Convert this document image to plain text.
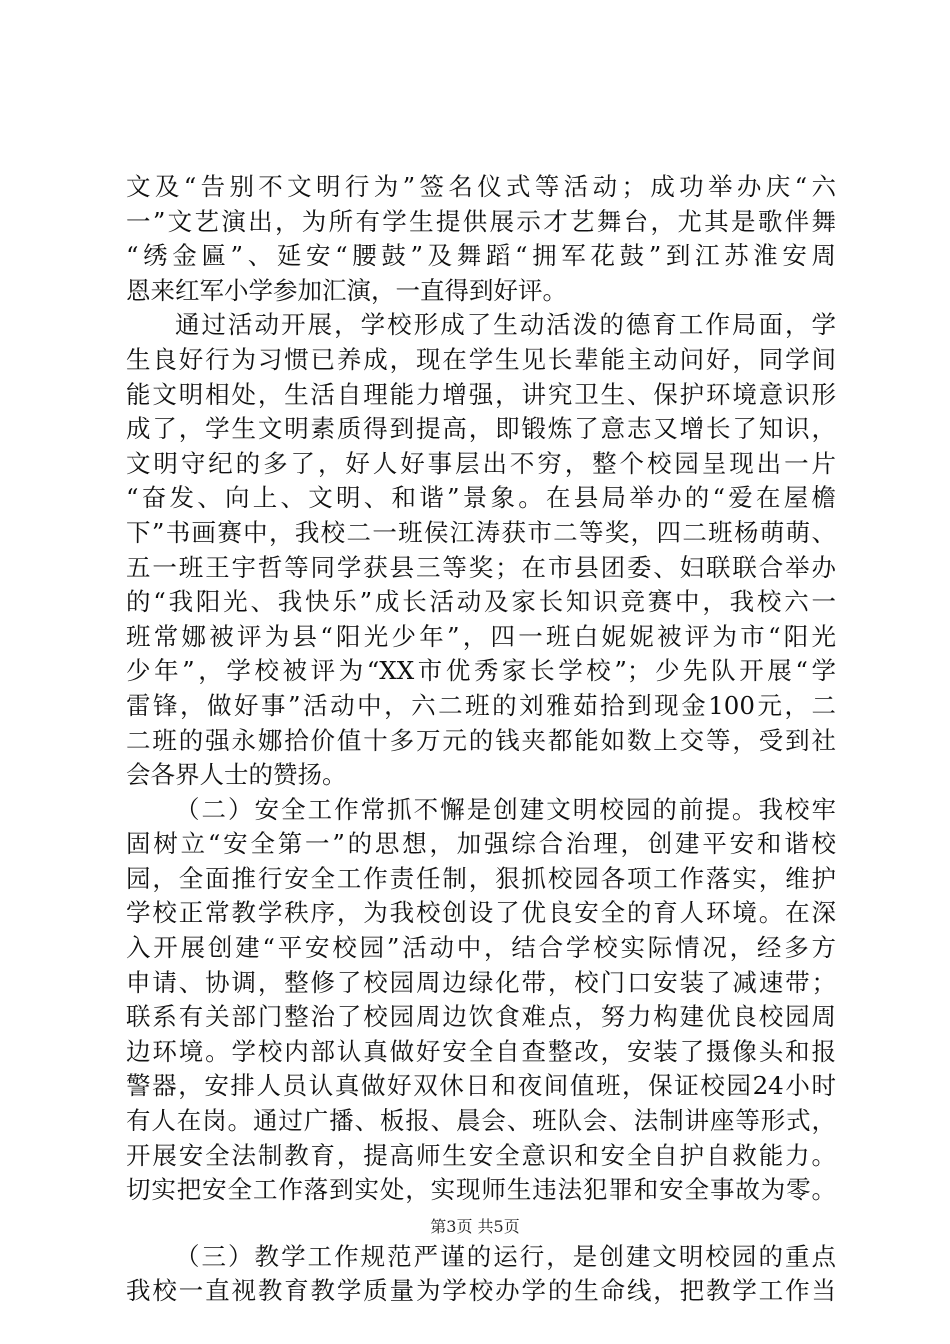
文及“告别不文明行为”签名仪式等活动；成功举办庆“六
一”文艺演出，为所有学生提供展示才艺舞台，尤其是歌伴舞
“绣金匾”、延安“腰鼓”及舞蹈“拥军花鼓”到江苏淮安周
恩来红军小学参加汇演，一直得到好评。
通过活动开展，学校形成了生动活泼的德育工作局面，学
生良好行为习惯已养成，现在学生见长辈能主动问好，同学间
能文明相处，生活自理能力增强，讲究卫生、保护环境意识形
成了，学生文明素质得到提高，即锻炼了意志又增长了知识，
文明守纪的多了，好人好事层出不穷，整个校园呈现出一片
“奋发、向上、文明、和谐”景象。在县局举办的“爱在屋檐
下”书画赛中，我校二一班侯江涛获市二等奖，四二班杨萌萌、
五一班王宇哲等同学获县三等奖；在市县团委、妇联联合举办
的“我阳光、我快乐”成长活动及家长知识竞赛中，我校六一
班常娜被评为县“阳光少年”，四一班白妮妮被评为市“阳光
少年”，学校被评为“XX市优秀家长学校”；少先队开展“学
雷锋，做好事”活动中，六二班的刘雅茹拾到现金100元，二
二班的强永娜拾价值十多万元的钱夹都能如数上交等，受到社
会各界人士的赞扬。
（二）安全工作常抓不懈是创建文明校园的前提。我校牢
固树立“安全第一”的思想，加强综合治理，创建平安和谐校
园，全面推行安全工作责任制，狠抓校园各项工作落实，维护
学校正常教学秩序，为我校创设了优良安全的育人环境。在深
入开展创建“平安校园”活动中，结合学校实际情况，经多方
申请、协调，整修了校园周边绿化带，校门口安装了减速带；
联系有关部门整治了校园周边饮食难点，努力构建优良校园周
边环境。学校内部认真做好安全自查整改，安装了摄像头和报
警器，安排人员认真做好双休日和夜间值班，保证校园24小时
有人在岗。通过广播、板报、晨会、班队会、法制讲座等形式，
开展安全法制教育，提高师生安全意识和安全自护自救能力。
切实把安全工作落到实处，实现师生违法犯罪和安全事故为零。
（三）教学工作规范严谨的运行，是创建文明校园的重点
我校一直视教育教学质量为学校办学的生命线，把教学工作当
第3页 共5页
